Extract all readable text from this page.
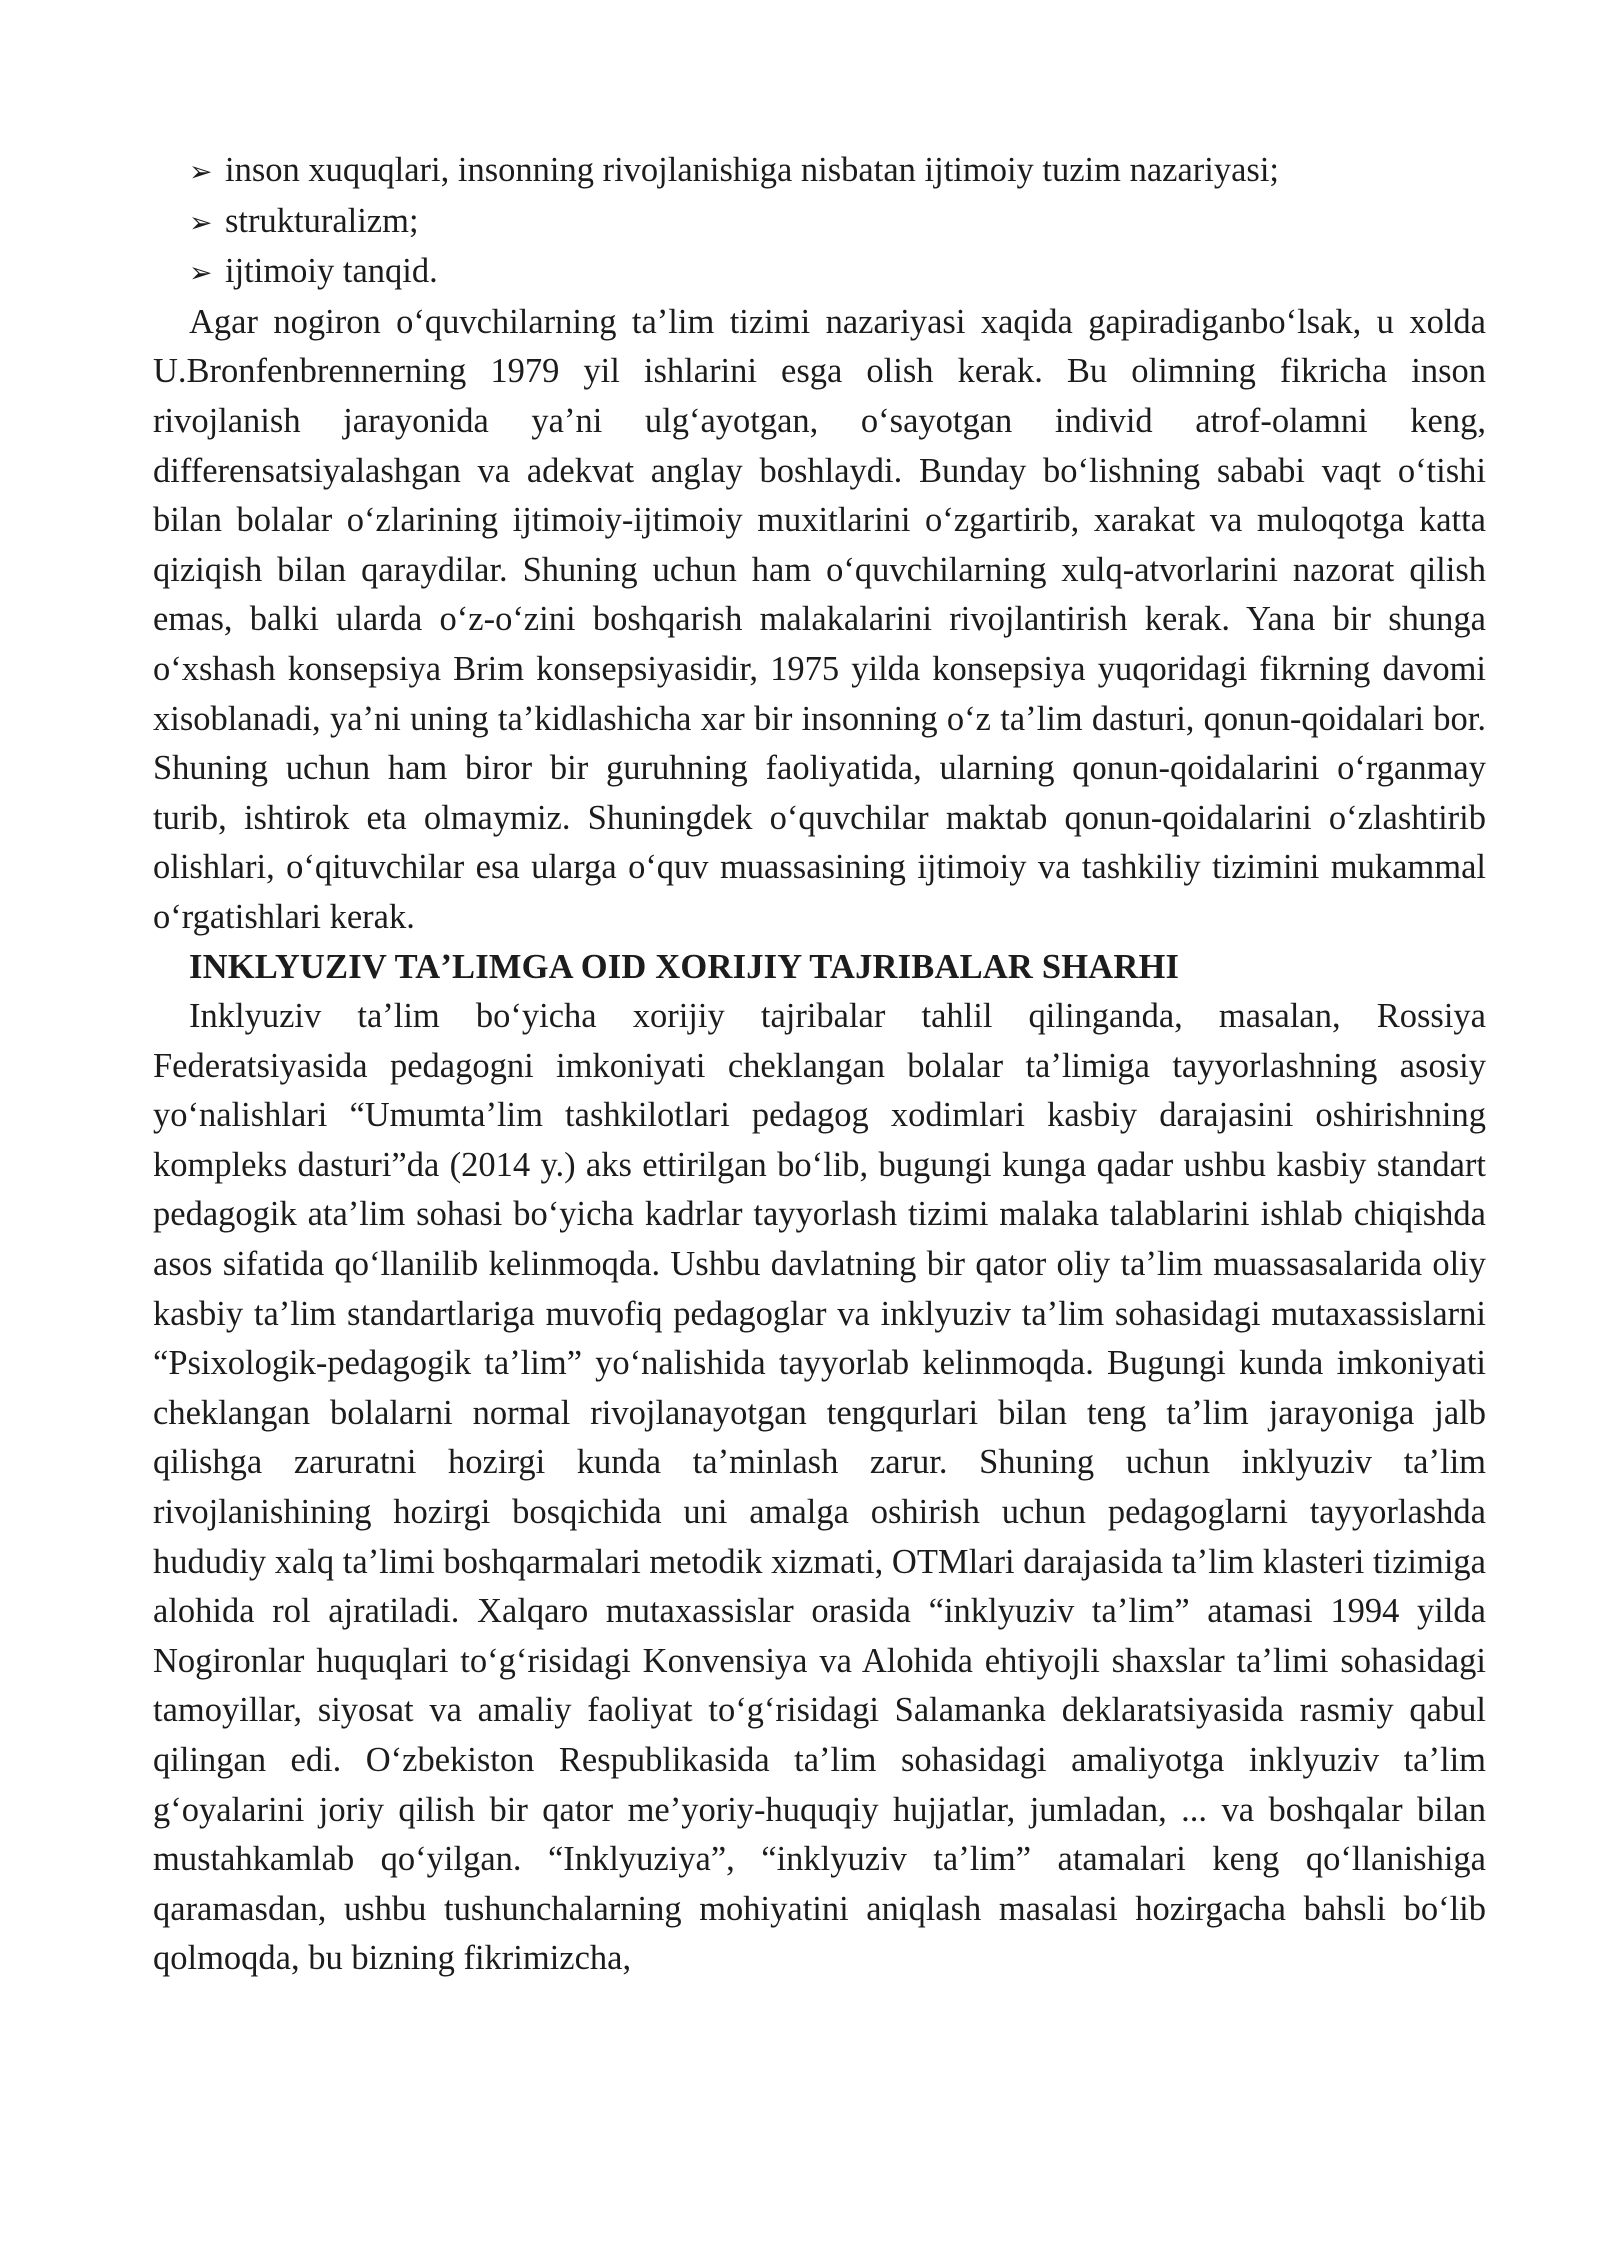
➢ inson xuquqlari, insonning rivojlanishiga nisbatan ijtimoiy tuzim nazariyasi;
➢ strukturalizm;
➢ ijtimoiy tanqid.

Agar nogiron oʻquvchilarning taʼlim tizimi nazariyasi xaqida gapiradiganboʻlsak, u xolda U.Bronfenbrennerning 1979 yil ishlarini esga olish kerak. Bu olimning fikricha inson rivojlanish jarayonida yaʼni ulgʻayotgan, oʻsayotgan individ atrof-olamni keng, differensatsiyalashgan va adekvat anglay boshlaydi. Bunday boʻlishning sababi vaqt oʻtishi bilan bolalar oʻzlarining ijtimoiy-ijtimoiy muxitlarini oʻzgartirib, xarakat va muloqotga katta qiziqish bilan qaraydilar. Shuning uchun ham oʻquvchilarning xulq-atvorlarini nazorat qilish emas, balki ularda oʻz-oʻzini boshqarish malakalarini rivojlantirish kerak. Yana bir shunga oʻxshash konsepsiya Brim konsepsiyasidir, 1975 yilda konsepsiya yuqoridagi fikrning davomi xisoblanadi, yaʼni uning taʼkidlashicha xar bir insonning oʻz taʼlim dasturi, qonun-qoidalari bor. Shuning uchun ham biror bir guruhning faoliyatida, ularning qonun-qoidalarini oʻrganmay turib, ishtirok eta olmaymiz. Shuningdek oʻquvchilar maktab qonun-qoidalarini oʻzlashtirib olishlari, oʻqituvchilar esa ularga oʻquv muassasining ijtimoiy va tashkiliy tizimini mukammal oʻrgatishlari kerak.

INKLYUZIV TAʼLIMGA OID XORIJIY TAJRIBALAR SHARHI

Inklyuziv taʼlim boʻyicha xorijiy tajribalar tahlil qilinganda, masalan, Rossiya Federatsiyasida pedagogni imkoniyati cheklangan bolalar taʼlimiga tayyorlashning asosiy yoʻnalishlari “Umumtaʼlim tashkilotlari pedagog xodimlari kasbiy darajasini oshirishning kompleks dasturi”da (2014 y.) aks ettirilgan boʻlib, bugungi kunga qadar ushbu kasbiy standart pedagogik ataʼlim sohasi boʻyicha kadrlar tayyorlash tizimi malaka talablarini ishlab chiqishda asos sifatida qoʻllanilib kelinmoqda. Ushbu davlatning bir qator oliy taʼlim muassasalarida oliy kasbiy taʼlim standartlariga muvofiq pedagoglar va inklyuziv taʼlim sohasidagi mutaxassislarni “Psixologik-pedagogik taʼlim” yoʻnalishida tayyorlab kelinmoqda. Bugungi kunda imkoniyati cheklangan bolalarni normal rivojlanayotgan tengqurlari bilan teng taʼlim jarayoniga jalb qilishga zaruratni hozirgi kunda taʼminlash zarur. Shuning uchun inklyuziv taʼlim rivojlanishining hozirgi bosqichida uni amalga oshirish uchun pedagoglarni tayyorlashda hududiy xalq taʼlimi boshqarmalari metodik xizmati, OTMlari darajasida taʼlim klasteri tizimiga alohida rol ajratiladi. Xalqaro mutaxassislar orasida “inklyuziv taʼlim” atamasi 1994 yilda Nogironlar huquqlari toʻgʻrisidagi Konvensiya va Alohida ehtiyojli shaxslar taʼlimi sohasidagi tamoyillar, siyosat va amaliy faoliyat toʻgʻrisidagi Salamanka deklaratsiyasida rasmiy qabul qilingan edi. Oʻzbekiston Respublikasida taʼlim sohasidagi amaliyotga inklyuziv taʼlim gʻoyalarini joriy qilish bir qator meʼyoriy-huquqiy hujjatlar, jumladan, ... va boshqalar bilan mustahkamlab qoʻyilgan. “Inklyuziya”, “inklyuziv taʼlim” atamalari keng qoʻllanishiga qaramasdan, ushbu tushunchalarning mohiyatini aniqlash masalasi hozirgacha bahsli boʻlib qolmoqda, bu bizning fikrimizcha,
